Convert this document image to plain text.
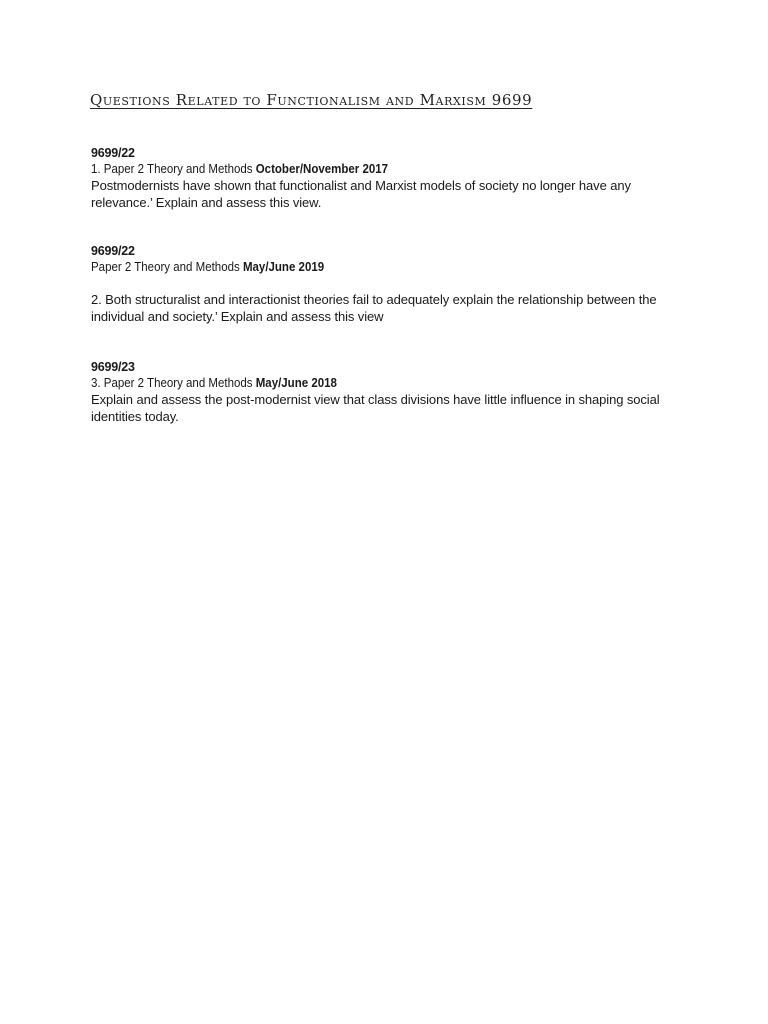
Questions Related to Functionalism and Marxism 9699
9699/22
1. Paper 2 Theory and Methods October/November 2017
Postmodernists have shown that functionalist and Marxist models of society no longer have any relevance.’ Explain and assess this view.
9699/22
Paper 2 Theory and Methods May/June 2019
2. Both structuralist and interactionist theories fail to adequately explain the relationship between the individual and society.’ Explain and assess this view
9699/23
3. Paper 2 Theory and Methods May/June 2018
Explain and assess the post-modernist view that class divisions have little influence in shaping social identities today.
